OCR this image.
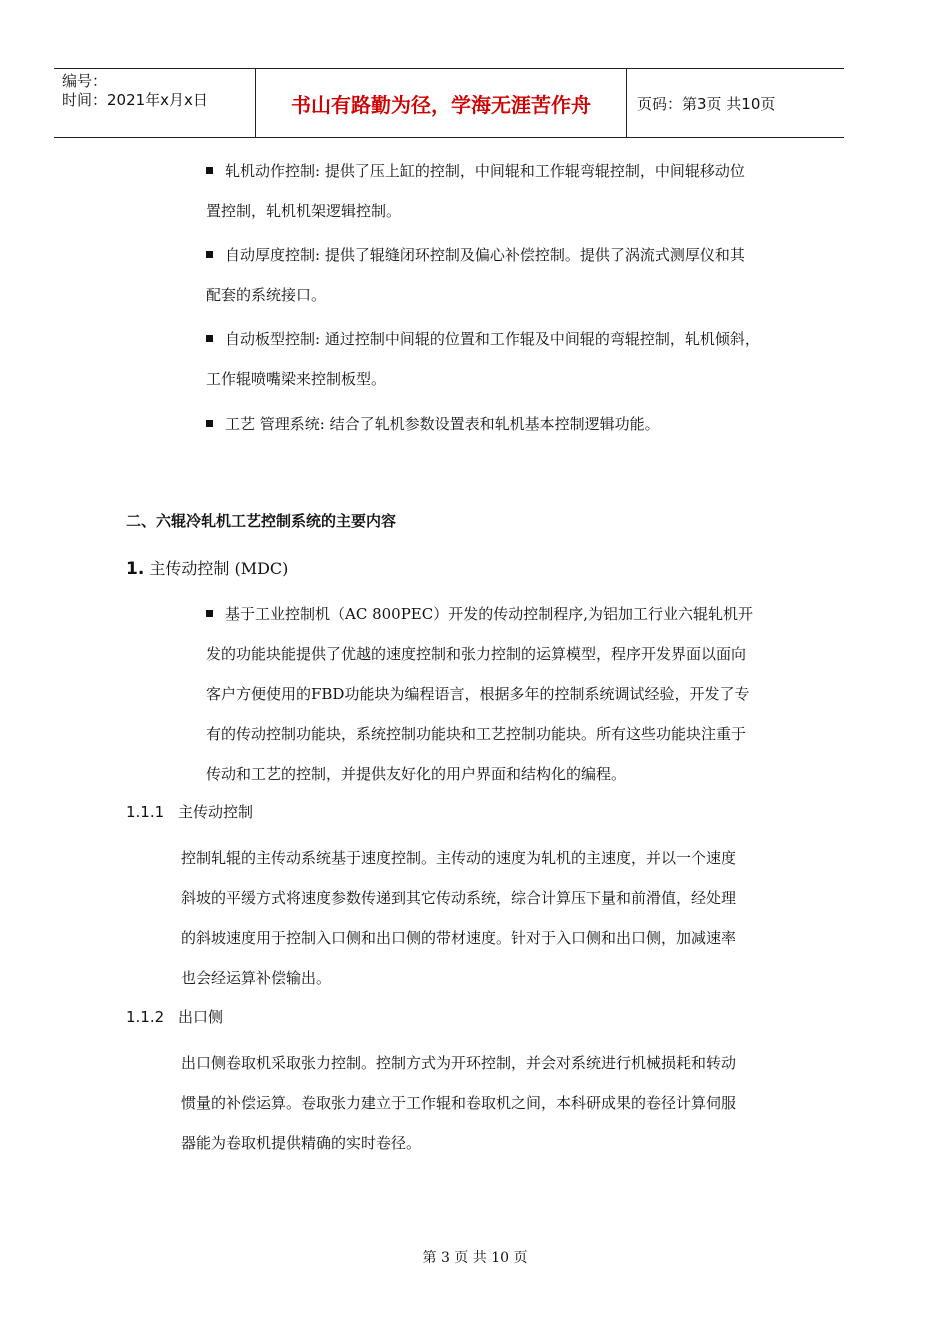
编号：
时间：2021年x月x日	书山有路勤为径，学海无涯苦作舟	页码：第3页 共10页
轧机动作控制: 提供了压上缸的控制，中间辊和工作辊弯辊控制，中间辊移动位
置控制，轧机机架逻辑控制。
自动厚度控制: 提供了辊缝闭环控制及偏心补偿控制。提供了涡流式测厚仪和其
配套的系统接口。
自动板型控制: 通过控制中间辊的位置和工作辊及中间辊的弯辊控制，轧机倾斜，
工作辊喷嘴梁来控制板型。
工艺 管理系统: 结合了轧机参数设置表和轧机基本控制逻辑功能。
二、六辊冷轧机工艺控制系统的主要内容
1. 主传动控制 (MDC)
基于工业控制机（AC 800PEC）开发的传动控制程序,为铝加工行业六辊轧机开
发的功能块能提供了优越的速度控制和张力控制的运算模型，程序开发界面以面向
客户方便使用的FBD功能块为编程语言，根据多年的控制系统调试经验，开发了专
有的传动控制功能块，系统控制功能块和工艺控制功能块。所有这些功能块注重于
传动和工艺的控制，并提供友好化的用户界面和结构化的编程。
1.1.1 主传动控制
控制轧辊的主传动系统基于速度控制。主传动的速度为轧机的主速度，并以一个速度
斜坡的平缓方式将速度参数传递到其它传动系统，综合计算压下量和前滑值，经处理
的斜坡速度用于控制入口侧和出口侧的带材速度。针对于入口侧和出口侧，加减速率
也会经运算补偿输出。
1.1.2 出口侧
出口侧卷取机采取张力控制。控制方式为开环控制，并会对系统进行机械损耗和转动
惯量的补偿运算。卷取张力建立于工作辊和卷取机之间，本科研成果的卷径计算伺服
器能为卷取机提供精确的实时卷径。
第 3 页 共 10 页
